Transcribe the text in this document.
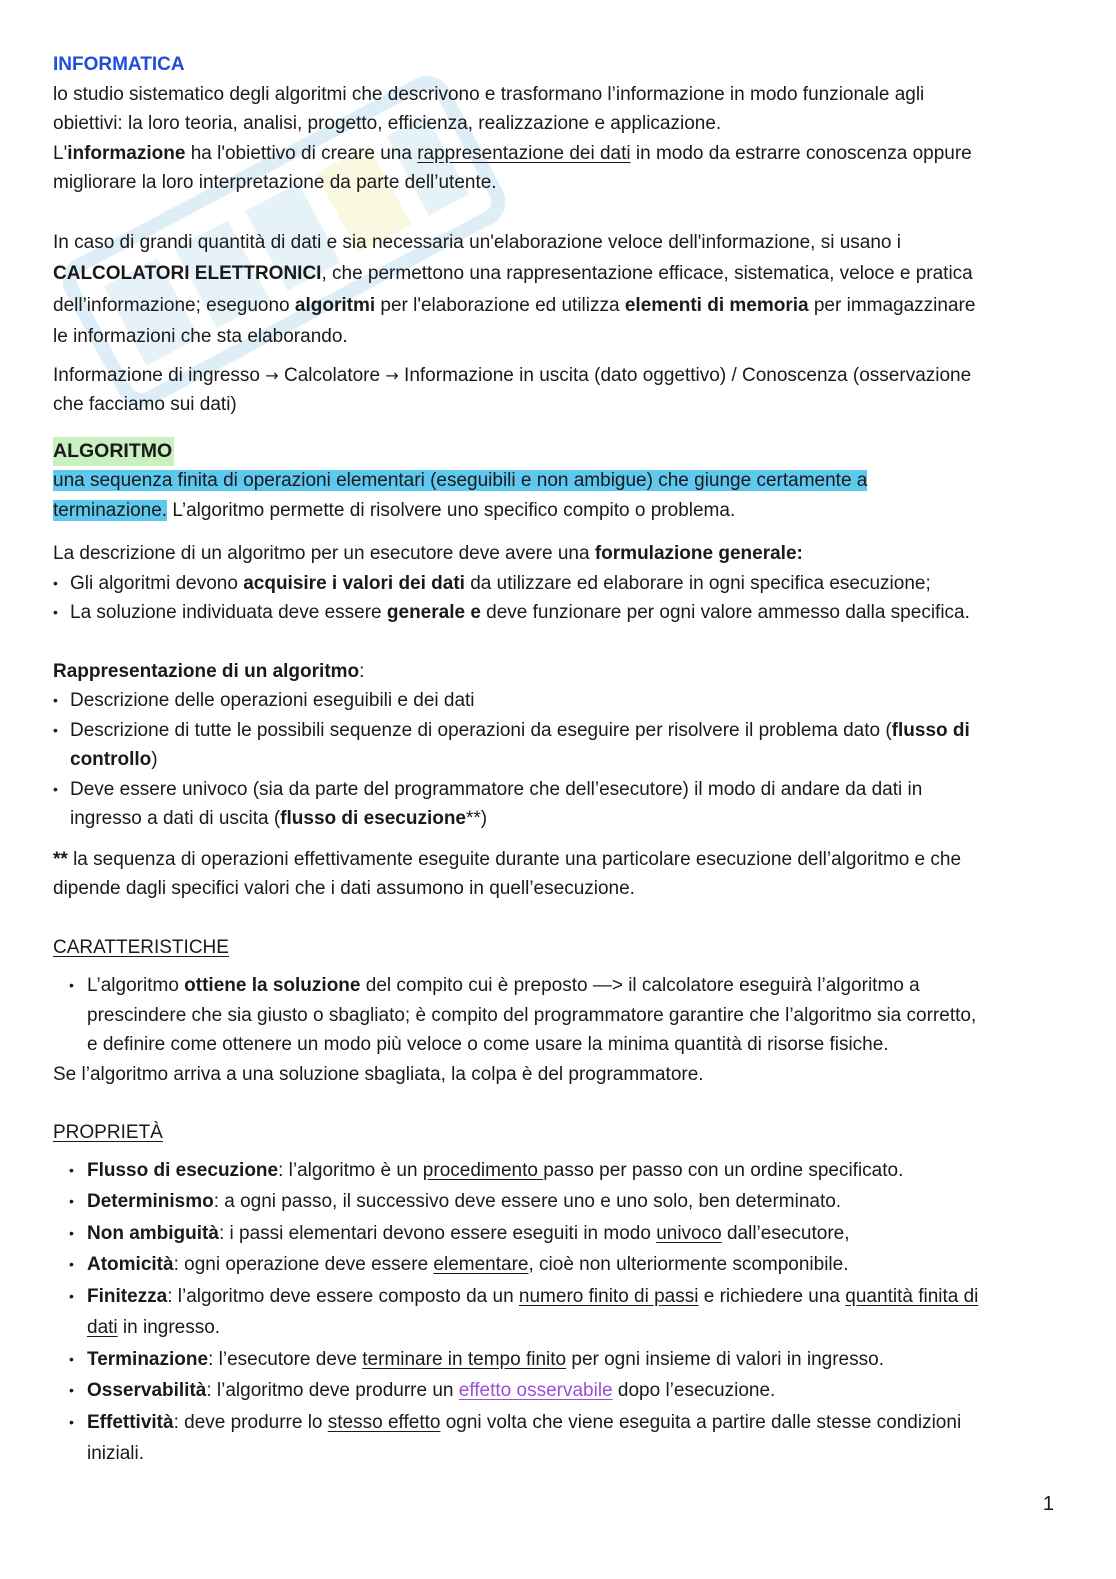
INFORMATICA

lo studio sistematico degli algoritmi che descrivono e trasformano l’informazione in modo funzionale agli
obiettivi: la loro teoria, analisi, progetto, efficienza, realizzazione e applicazione.
L'informazione ha l'obiettivo di creare una rappresentazione dei dati in modo da estrarre conoscenza oppure
migliorare la loro interpretazione da parte dell’utente.

In caso di grandi quantità di dati e sia necessaria un'elaborazione veloce dell'informazione, si usano i
CALCOLATORI ELETTRONICI, che permettono una rappresentazione efficace, sistematica, veloce e pratica
dell’informazione; eseguono algoritmi per l'elaborazione ed utilizza elementi di memoria per immagazzinare
le informazioni che sta elaborando.

Informazione di ingresso → Calcolatore → Informazione in uscita (dato oggettivo) / Conoscenza (osservazione
che facciamo sui dati)

ALGORITMO

una sequenza finita di operazioni elementari (eseguibili e non ambigue) che giunge certamente a
terminazione. L’algoritmo permette di risolvere uno specifico compito o problema.

La descrizione di un algoritmo per un esecutore deve avere una formulazione generale:

• Gli algoritmi devono acquisire i valori dei dati da utilizzare ed elaborare in ogni specifica esecuzione;
• La soluzione individuata deve essere generale e deve funzionare per ogni valore ammesso dalla specifica.

Rappresentazione di un algoritmo:

• Descrizione delle operazioni eseguibili e dei dati
• Descrizione di tutte le possibili sequenze di operazioni da eseguire per risolvere il problema dato (flusso di
controllo)
• Deve essere univoco (sia da parte del programmatore che dell’esecutore) il modo di andare da dati in
ingresso a dati di uscita (flusso di esecuzione**)

** la sequenza di operazioni effettivamente eseguite durante una particolare esecuzione dell’algoritmo e che
dipende dagli specifici valori che i dati assumono in quell’esecuzione.

CARATTERISTICHE

• L’algoritmo ottiene la soluzione del compito cui è preposto —> il calcolatore eseguirà l’algoritmo a
prescindere che sia giusto o sbagliato; è compito del programmatore garantire che l’algoritmo sia corretto,
e definire come ottenere un modo più veloce o come usare la minima quantità di risorse fisiche.

Se l’algoritmo arriva a una soluzione sbagliata, la colpa è del programmatore.

PROPRIETÀ

• Flusso di esecuzione: l’algoritmo è un procedimento passo per passo con un ordine specificato.
• Determinismo: a ogni passo, il successivo deve essere uno e uno solo, ben determinato.
• Non ambiguità: i passi elementari devono essere eseguiti in modo univoco dall’esecutore,
• Atomicità: ogni operazione deve essere elementare, cioè non ulteriormente scomponibile.
• Finitezza: l’algoritmo deve essere composto da un numero finito di passi e richiedere una quantità finita di
dati in ingresso.
• Terminazione: l’esecutore deve terminare in tempo finito per ogni insieme di valori in ingresso.
• Osservabilità: l’algoritmo deve produrre un effetto osservabile dopo l’esecuzione.
• Effettività: deve produrre lo stesso effetto ogni volta che viene eseguita a partire dalle stesse condizioni
iniziali.
1
